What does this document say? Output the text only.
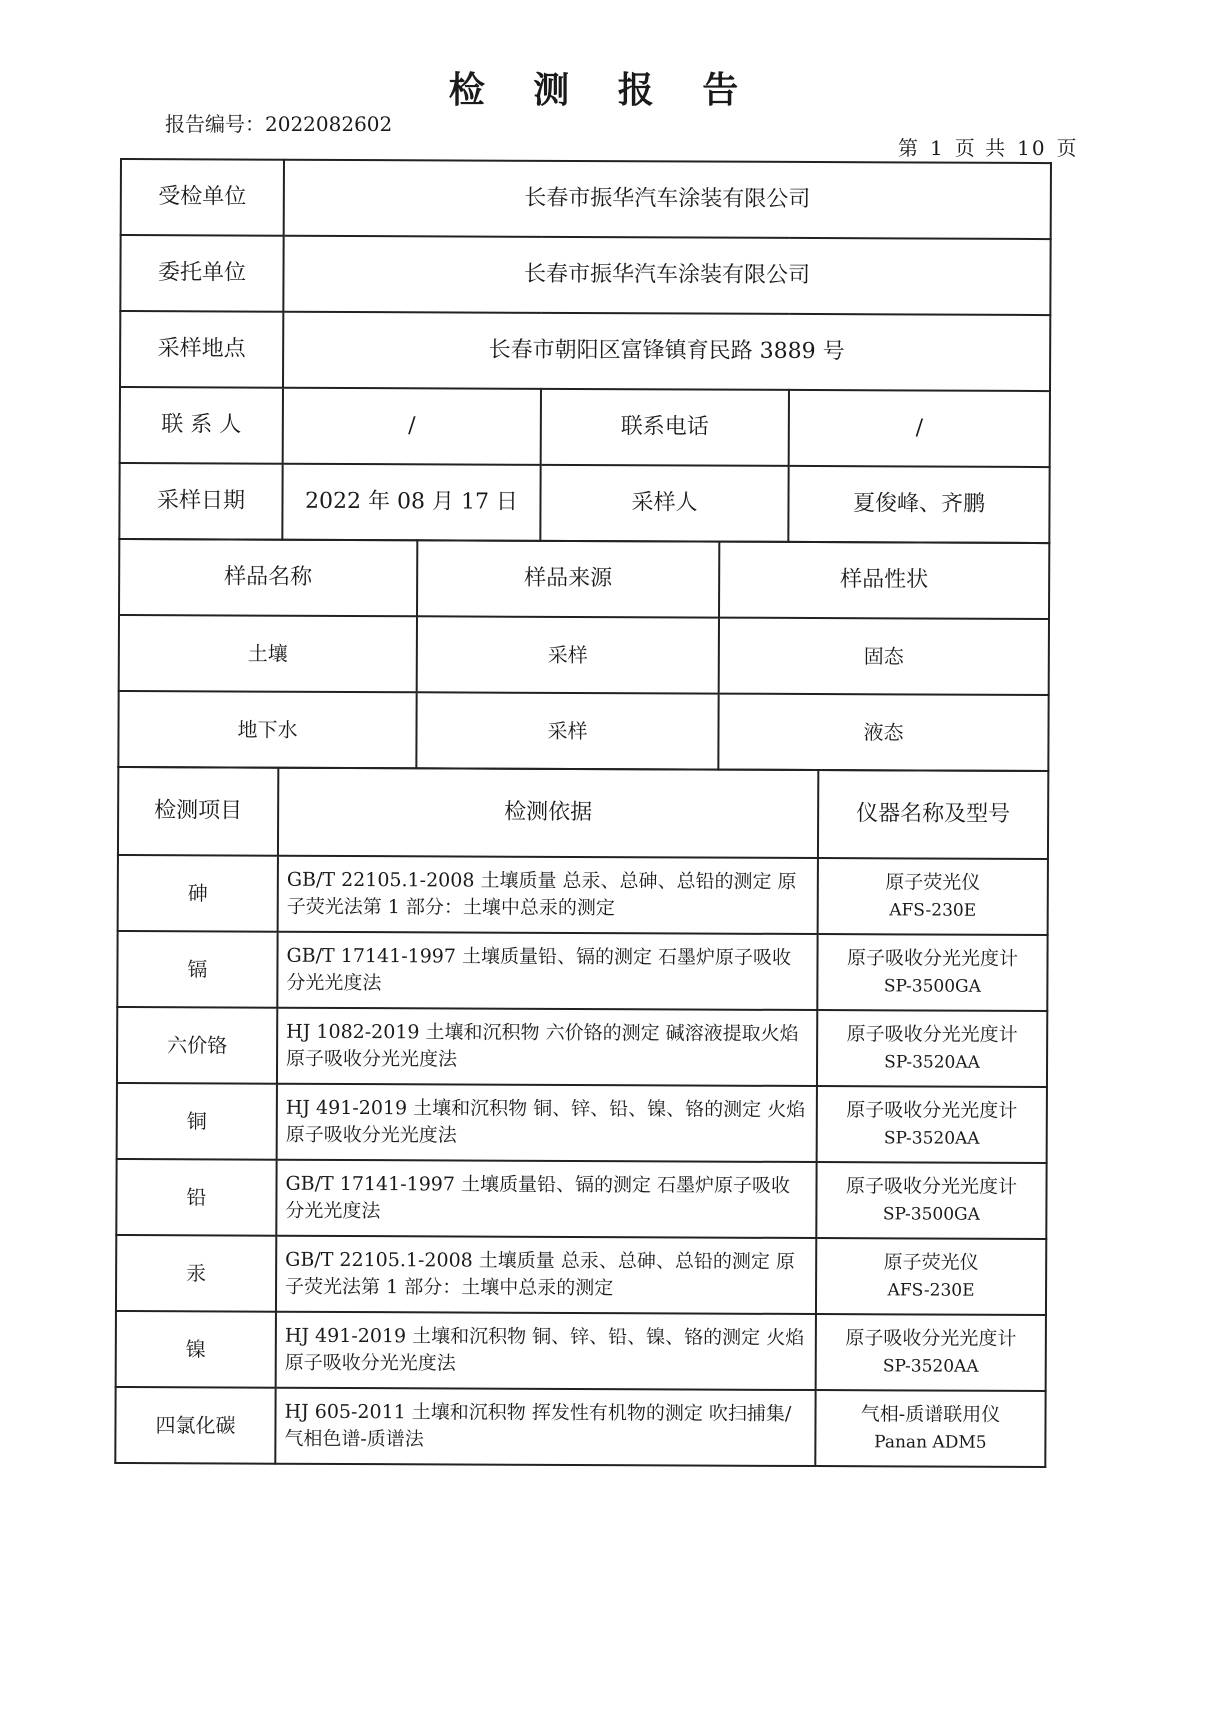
检 测 报 告
报告编号：2022082602
第 1 页 共 10 页
受检单位	长春市振华汽车涂装有限公司		
委托单位	长春市振华汽车涂装有限公司		
采样地点	长春市朝阳区富锋镇育民路 3889 号		
联 系 人	/	联系电话	/
采样日期	2022 年 08 月 17 日	采样人	夏俊峰、齐鹏
样品名称	样品来源	样品性状
土壤	采样	固态
地下水	采样	液态
检测项目	检测依据	仪器名称及型号
砷	GB/T 22105.1-2008 土壤质量 总汞、总砷、总铅的测定 原子荧光法第 1 部分：土壤中总汞的测定	原子荧光仪
AFS-230E

镉	GB/T 17141-1997 土壤质量铅、镉的测定 石墨炉原子吸收分光光度法	原子吸收分光光度计
SP-3500GA

六价铬	HJ 1082-2019 土壤和沉积物 六价铬的测定 碱溶液提取火焰原子吸收分光光度法	原子吸收分光光度计
SP-3520AA

铜	HJ 491-2019 土壤和沉积物 铜、锌、铅、镍、铬的测定 火焰原子吸收分光光度法	原子吸收分光光度计
SP-3520AA

铅	GB/T 17141-1997 土壤质量铅、镉的测定 石墨炉原子吸收分光光度法	原子吸收分光光度计
SP-3500GA

汞	GB/T 22105.1-2008 土壤质量 总汞、总砷、总铅的测定 原子荧光法第 1 部分：土壤中总汞的测定	原子荧光仪
AFS-230E

镍	HJ 491-2019 土壤和沉积物 铜、锌、铅、镍、铬的测定 火焰原子吸收分光光度法	原子吸收分光光度计
SP-3520AA

四氯化碳	HJ 605-2011 土壤和沉积物 挥发性有机物的测定 吹扫捕集/气相色谱-质谱法	气相-质谱联用仪
Panan ADM5
